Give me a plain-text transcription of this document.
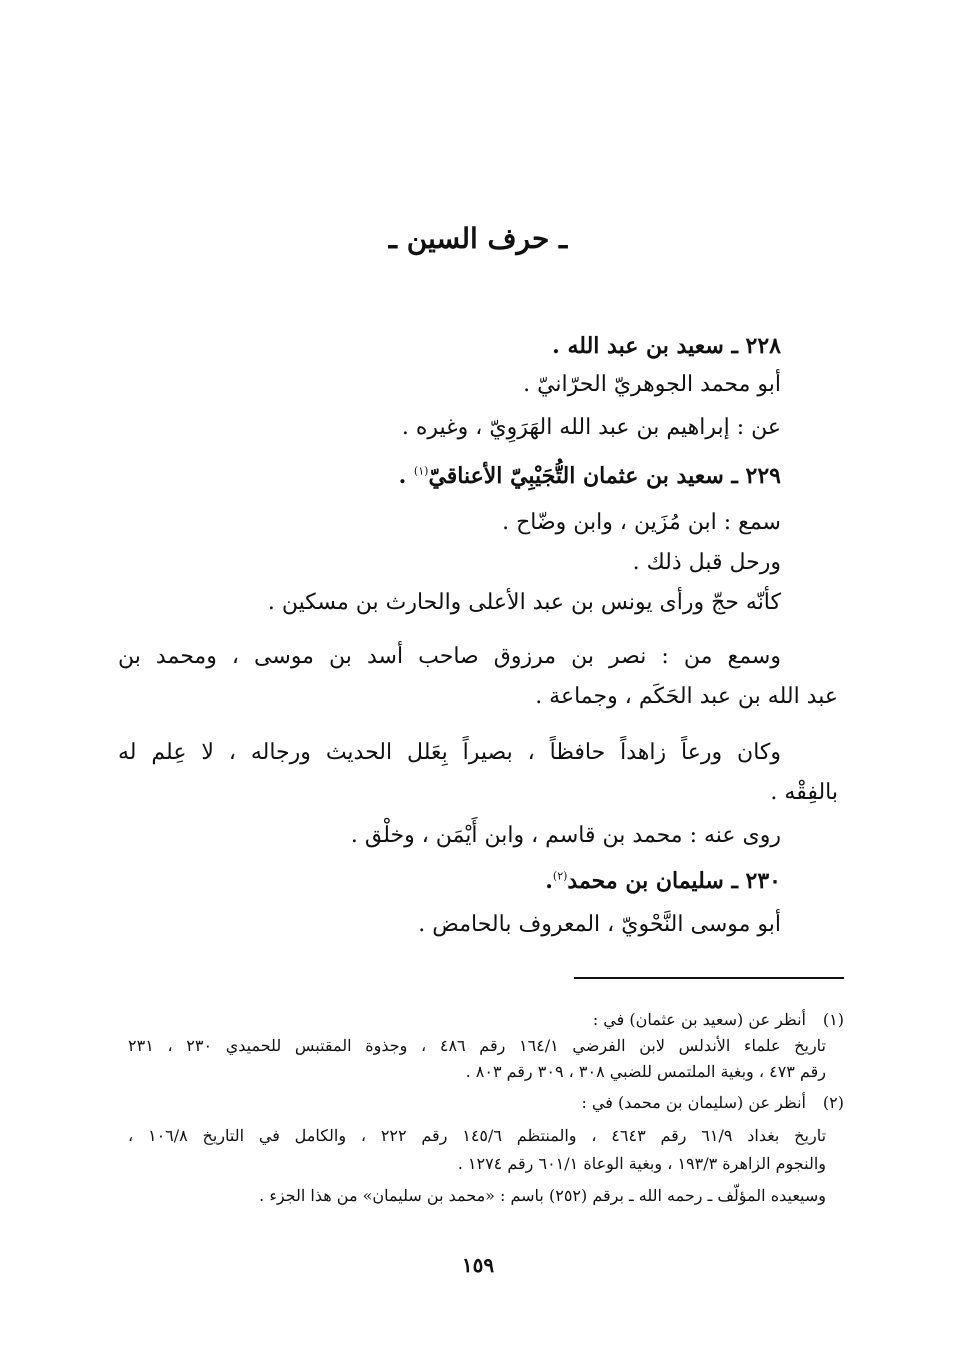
ـ حرف السين ـ
٢٢٨ ـ سعيد بن عبد الله .
أبو محمد الجوهريّ الحرّانيّ .
عن : إبراهيم بن عبد الله الهَرَوِيّ ، وغيره .
٢٢٩ ـ سعيد بن عثمان التُّجَيْبِيّ الأعناقيّ$^{(١)}$ .
سمع : ابن مُزَين ، وابن وضّاح .
ورحل قبل ذلك .
كأنّه حجّ ورأى يونس بن عبد الأعلى والحارث بن مسكين .
وسمع من : نصر بن مرزوق صاحب أسد بن موسى ، ومحمد بن
عبد الله بن عبد الحَكَم ، وجماعة .
وكان ورعاً زاهداً حافظاً ، بصيراً بِعَلل الحديث ورجاله ، لا عِلم له
بالفِقْه .
روى عنه : محمد بن قاسم ، وابن أَيْمَن ، وخلْق .
٢٣٠ ـ سليمان بن محمد$^{(٢)}$.
أبو موسى النَّحْويّ ، المعروف بالحامض .
(١)
أنظر عن (سعيد بن عثمان) في :
تاريخ علماء الأندلس لابن الفرضي ١٦٤/١ رقم ٤٨٦ ، وجذوة المقتبس للحميدي ٢٣٠ ، ٢٣١
رقم ٤٧٣ ، وبغية الملتمس للضبي ٣٠٨ ، ٣٠٩ رقم ٨٠٣ .
(٢)
أنظر عن (سليمان بن محمد) في :
تاريخ بغداد ٦١/٩ رقم ٤٦٤٣ ، والمنتظم ١٤٥/٦ رقم ٢٢٢ ، والكامل في التاريخ ١٠٦/٨ ،
والنجوم الزاهرة ١٩٣/٣ ، وبغية الوعاة ٦٠١/١ رقم ١٢٧٤ .
وسيعيده المؤلّف ـ رحمه الله ـ برقم (٢٥٢) باسم : «محمد بن سليمان» من هذا الجزء .
١٥٩
